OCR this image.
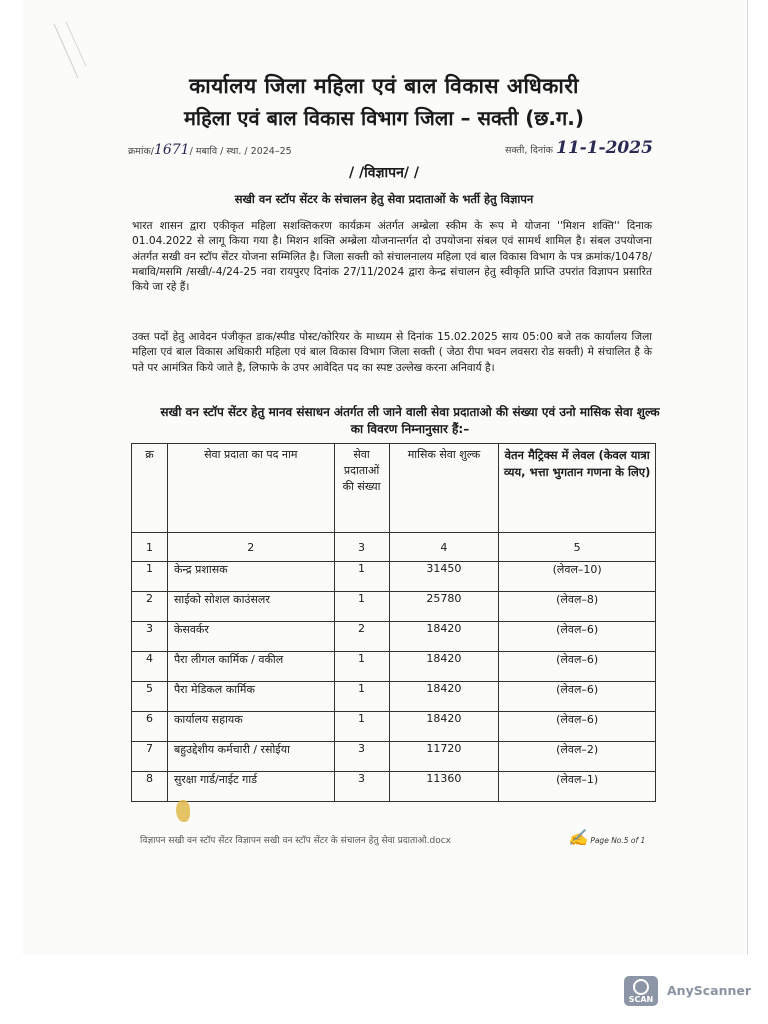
कार्यालय जिला महिला एवं बाल विकास अधिकारी
महिला एवं बाल विकास विभाग जिला – सक्ती (छ.ग.)
क्रमांक/1671/ मबावि / स्था. / 2024–25	सक्ती, दिनांक 11-1-2025
/ /विज्ञापन/ /
सखी वन स्टॉप सेंटर के संचालन हेतु सेवा प्रदाताओं के भर्ती हेतु विज्ञापन
भारत शासन द्वारा एकीकृत महिला सशक्तिकरण कार्यक्रम अंतर्गत अम्ब्रेला स्कीम के रूप मे योजना ''मिशन शक्ति'' दिनाक 01.04.2022 से लागू किया गया है। मिशन शक्ति अम्ब्रेला योजनान्तर्गत दो उपयोजना संबल एवं सामर्थ शामिल है। संबल उपयोजना अंतर्गत सखी वन स्टॉप सेंटर योजना सम्मिलित है। जिला सक्ती को संचालनालय महिला एवं बाल विकास विभाग के पत्र क्रमांक/10478/मबावि/मसमि /सखी/-4/24-25 नवा रायपुरए दिनांक 27/11/2024 द्वारा केन्द्र संचालन हेतु स्वीकृति प्राप्ति उपरांत विज्ञापन प्रसारित किये जा रहे हैं।
उक्त पदों हेतु आवेदन पंजीकृत डाक/स्पीड पोस्ट/कोरियर के माध्यम से दिनांक 15.02.2025 साय 05:00 बजे तक कार्यालय जिला महिला एवं बाल विकास अधिकारी महिला एवं बाल विकास विभाग जिला सक्ती ( जेठा रीपा भवन लवसरा रोड सक्ती) मे संचालित है के पते पर आमंत्रित किये जाते है, लिफाफे के उपर आवेदित पद का स्पष्ट उल्लेख करना अनिवार्य है।
सखी वन स्टॉप सेंटर हेतु मानव संसाधन अंतर्गत ली जाने वाली सेवा प्रदाताओ की संख्या एवं उनो मासिक सेवा शुल्क का विवरण निम्नानुसार हैं:–
क्र	सेवा प्रदाता का पद नाम	सेवा प्रदाताओं की संख्या	मासिक सेवा शुल्क	वेतन मैट्रिक्स में लेवल (केवल यात्रा व्यय, भत्ता भुगतान गणना के लिए)
1	2	3	4	5
1	केन्द्र प्रशासक	1	31450	(लेवल–10)
2	साईको सोशल काउंसलर	1	25780	(लेवल–8)
3	केसवर्कर	2	18420	(लेवल–6)
4	पैरा लीगल कार्मिक / वकील	1	18420	(लेवल–6)
5	पैरा मेडिकल कार्मिक	1	18420	(लेवल–6)
6	कार्यालय सहायक	1	18420	(लेवल–6)
7	बहुउद्देशीय कर्मचारी / रसोईया	3	11720	(लेवल–2)
8	सुरक्षा गार्ड/नाईट गार्ड	3	11360	(लेवल–1)
विज्ञापन सखी वन स्टॉप सेंटर विज्ञापन सखी वन स्टॉप सेंटर के संचालन हेतु सेवा प्रदाताओ.docx	✍ Page No.5 of 1
SCAN
AnyScanner
